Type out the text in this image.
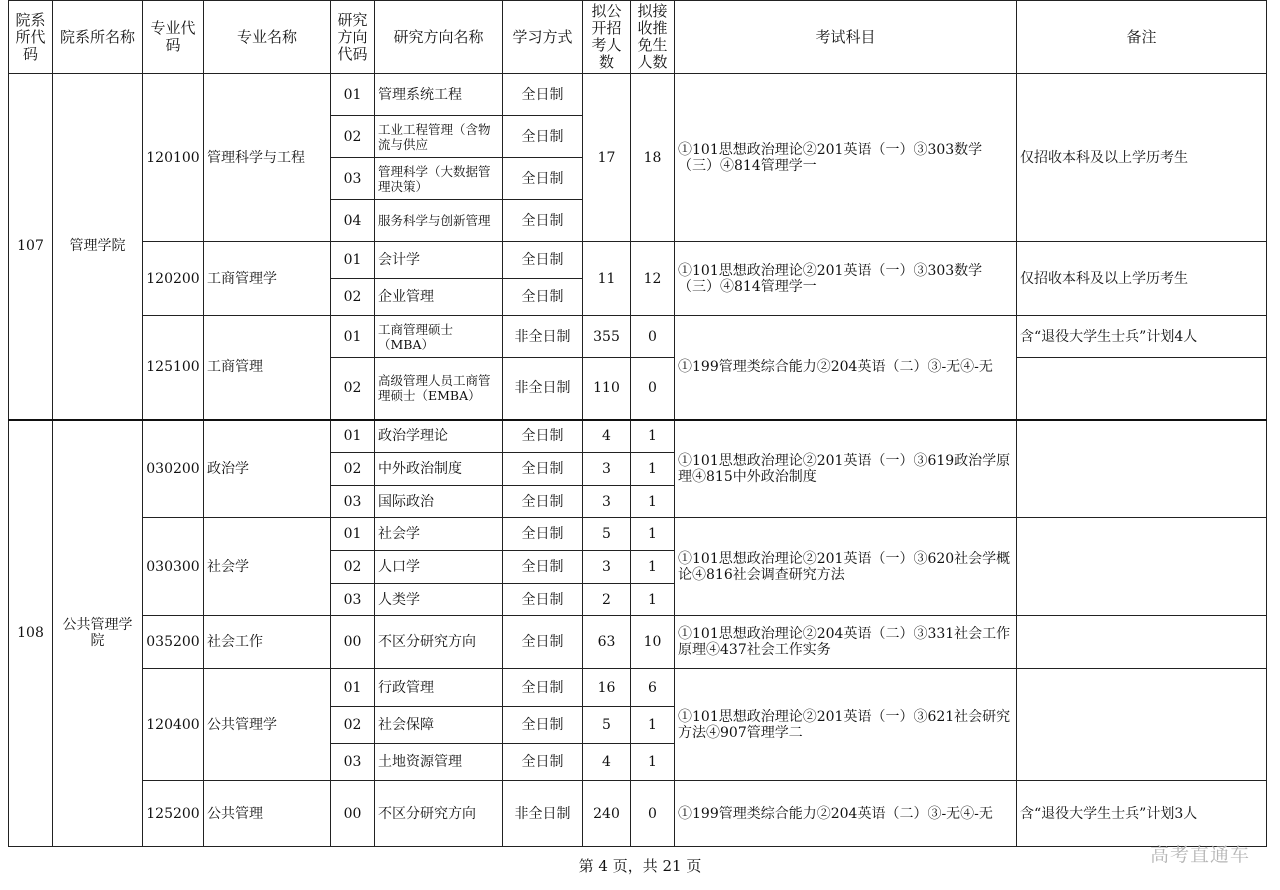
院系所代码	院系所名称	专业代码	专业名称	研究方向代码	研究方向名称	学习方式	拟公开招考人数	拟接收推免生人数	考试科目	备注
107	管理学院	120100	管理科学与工程	01	管理系统工程	全日制	17	18	①101思想政治理论②201英语（一）③303数学（三）④814管理学一	仅招收本科及以上学历考生
				02	工业工程管理（含物流与供应	全日制				
				03	管理科学（大数据管理决策）	全日制				
				04	服务科学与创新管理	全日制				
		120200	工商管理学	01	会计学	全日制	11	12	①101思想政治理论②201英语（一）③303数学（三）④814管理学一	仅招收本科及以上学历考生
				02	企业管理	全日制				
		125100	工商管理	01	工商管理硕士（MBA）	非全日制	355	0	①199管理类综合能力②204英语（二）③-无④-无	含“退役大学生士兵”计划4人
				02	高级管理人员工商管理硕士（EMBA）	非全日制	110	0		
108	公共管理学院	030200	政治学	01	政治学理论	全日制	4	1	①101思想政治理论②201英语（一）③619政治学原理④815中外政治制度	
				02	中外政治制度	全日制	3	1		
				03	国际政治	全日制	3	1		
		030300	社会学	01	社会学	全日制	5	1	①101思想政治理论②201英语（一）③620社会学概论④816社会调查研究方法	
				02	人口学	全日制	3	1		
				03	人类学	全日制	2	1		
		035200	社会工作	00	不区分研究方向	全日制	63	10	①101思想政治理论②204英语（二）③331社会工作原理④437社会工作实务	
		120400	公共管理学	01	行政管理	全日制	16	6	①101思想政治理论②201英语（一）③621社会研究方法④907管理学二	
				02	社会保障	全日制	5	1		
				03	土地资源管理	全日制	4	1		
		125200	公共管理	00	不区分研究方向	非全日制	240	0	①199管理类综合能力②204英语（二）③-无④-无	含“退役大学生士兵”计划3人
第 4 页，共 21 页	高考直通车
